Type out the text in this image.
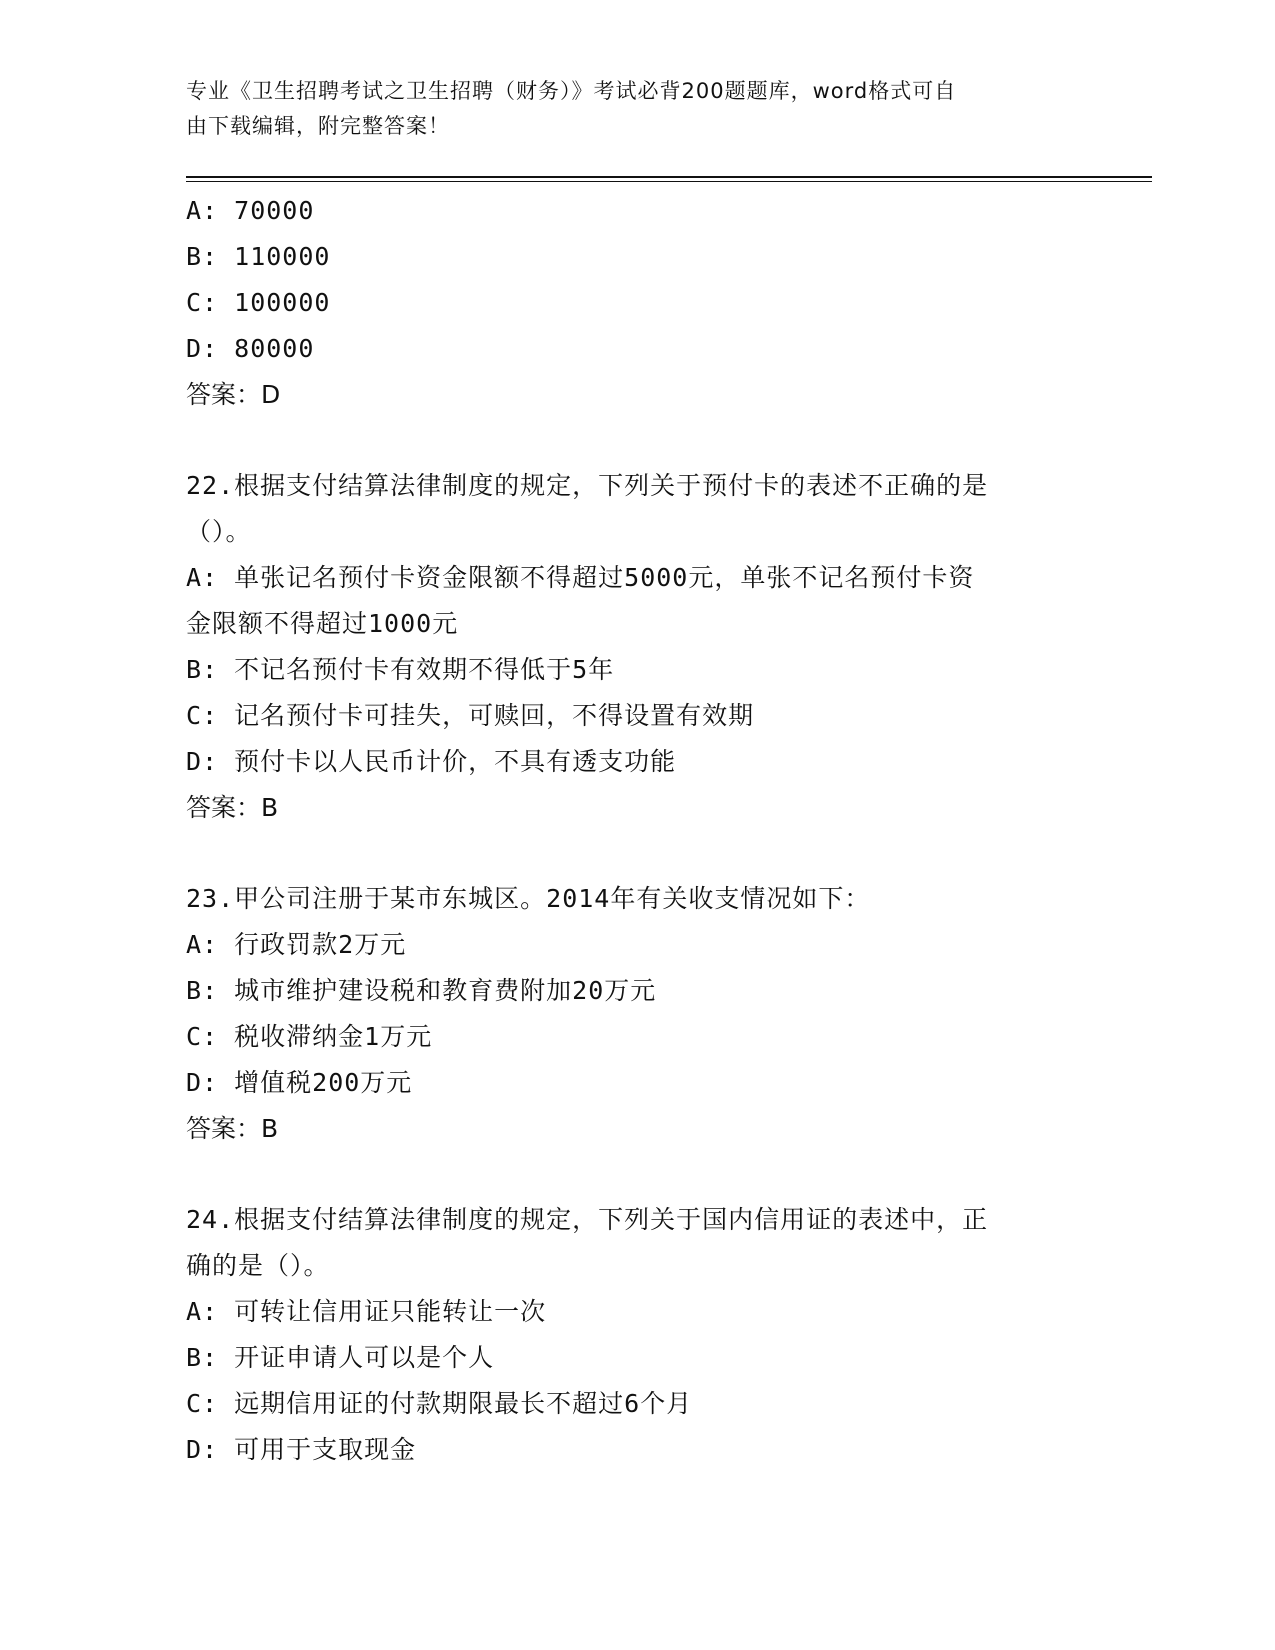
专业《卫生招聘考试之卫生招聘（财务）》考试必背200题题库，word格式可自
由下载编辑，附完整答案！
A: 70000
B: 110000
C: 100000
D: 80000
答案：D
22.根据支付结算法律制度的规定，下列关于预付卡的表述不正确的是
（）。
A: 单张记名预付卡资金限额不得超过5000元，单张不记名预付卡资
金限额不得超过1000元
B: 不记名预付卡有效期不得低于5年
C: 记名预付卡可挂失，可赎回，不得设置有效期
D: 预付卡以人民币计价，不具有透支功能
答案：B
23.甲公司注册于某市东城区。2014年有关收支情况如下：
A: 行政罚款2万元
B: 城市维护建设税和教育费附加20万元
C: 税收滞纳金1万元
D: 增值税200万元
答案：B
24.根据支付结算法律制度的规定，下列关于国内信用证的表述中，正
确的是（）。
A: 可转让信用证只能转让一次
B: 开证申请人可以是个人
C: 远期信用证的付款期限最长不超过6个月
D: 可用于支取现金
